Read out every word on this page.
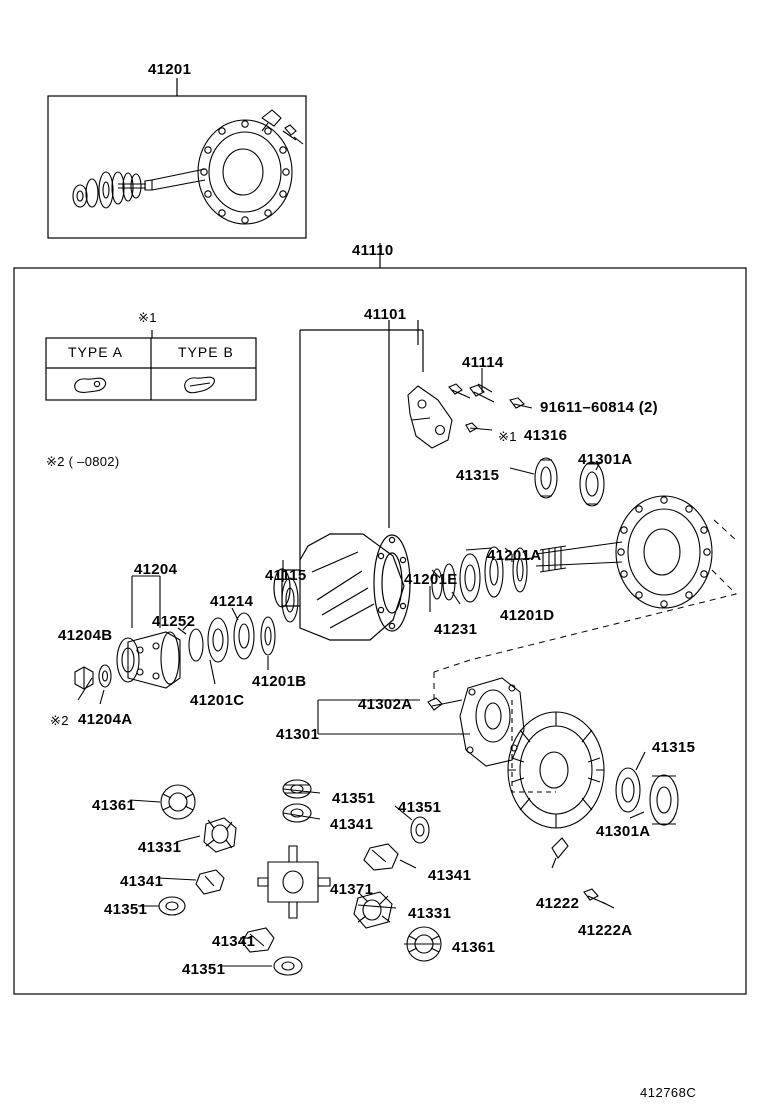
41201
41110
41101
41114
91611–60814 (2)
41316
※1
41315
41301A
41201A
41201E
41201D
41231
41115
41204
41214
41252
41204B
41201B
41201C
41204A
※2
41302A
41301
41315
41301A
41361	41351
41351
41341
41331
41341	41341
41371
41351	41222
41222A
41331
41341	41361
41351
※1
TYPE A	TYPE B
※2 ( –0802)
412768C
